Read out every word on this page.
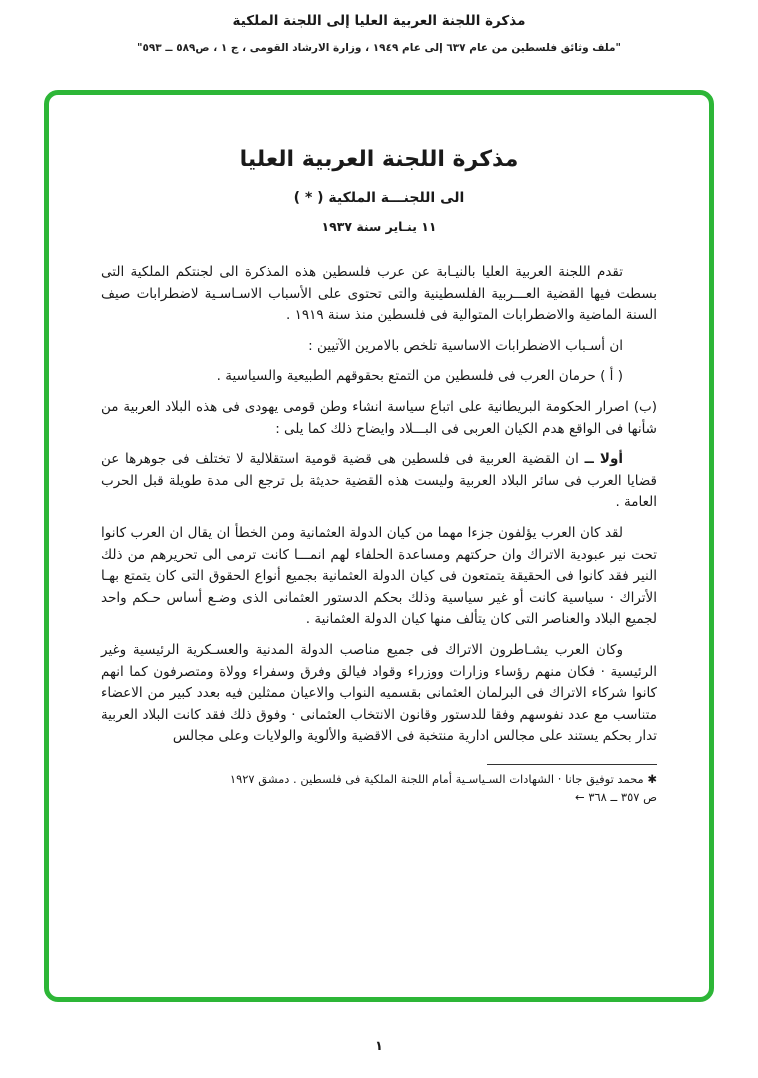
مذكرة اللجنة العربية العليا إلى اللجنة الملكية
"ملف وثائق فلسطين من عام ٦٣٧ إلى عام ١٩٤٩ ، وزارة الارشاد القومى ، ج ١ ، ص٥٨٩ ــ ٥٩٣"
مذكرة اللجنة العربية العليا
الى اللجنـــة الملكية ( * )
١١ ينـاير سنة ١٩٣٧

تقدم اللجنة العربية العليا بالنيـابة عن عرب فلسطين هذه المذكرة الى لجنتكم الملكية التى بسطت فيها القضية العـــربية الفلسطينية والتى تحتوى على الأسباب الاسـاسـية لاضطرابات صيف السنة الماضية والاضطرابات المتوالية فى فلسطين منذ سنة ١٩١٩ .

ان أسـباب الاضطرابات الاساسية تلخص بالامرين الآتيين :

( أ ) حرمان العرب فى فلسطين من التمتع بحقوقهم الطبيعية والسياسية .

(ب) اصرار الحكومة البريطانية على اتباع سياسة انشاء وطن قومى يهودى فى هذه البلاد العربية من شأنها فى الواقع هدم الكيان العربى فى البـــلاد وايضاح ذلك كما يلى :

أولا ــ ان القضية العربية فى فلسطين هى قضية قومية استقلالية لا تختلف فى جوهرها عن قضايا العرب فى سائر البلاد العربية وليست هذه القضية حديثة بل ترجع الى مدة طويلة قبل الحرب العامة .

لقد كان العرب يؤلفون جزءا مهما من كيان الدولة العثمانية ومن الخطأ ان يقال ان العرب كانوا تحت نير عبودية الاتراك وان حركتهم ومساعدة الحلفاء لهم انمـــا كانت ترمى الى تحريرهم من ذلك النير فقد كانوا فى الحقيقة يتمتعون فى كيان الدولة العثمانية بجميع أنواع الحقوق التى كان يتمتع بهـا الأتراك · سياسية كانت أو غير سياسية وذلك بحكم الدستور العثمانى الذى وضـع أساس حـكم واحد لجميع البلاد والعناصر التى كان يتألف منها كيان الدولة العثمانية .

وكان العرب يشـاطرون الاتراك فى جميع مناصب الدولة المدنية والعسـكرية الرئيسية وغير الرئيسية · فكان منهم رؤساء وزارات ووزراء وقواد فيالق وفرق وسفراء وولاة ومتصرفون كما انهم كانوا شركاء الاتراك فى البرلمان العثمانى بقسميه النواب والاعيان ممثلين فيه بعدد كبير من الاعضاء متناسب مع عدد نفوسهم وفقا للدستور وقانون الانتخاب العثمانى · وفوق ذلك فقد كانت البلاد العربية تدار بحكم يستند على مجالس ادارية منتخبة فى الاقضية والألوية والولايات وعلى مجالس

✱ محمد توفيق جانا · الشهادات السـياسـية أمام اللجنة الملكية فى فلسطين . دمشق ١٩٢٧
ص ٣٥٧ ــ ٣٦٨ ←
١
